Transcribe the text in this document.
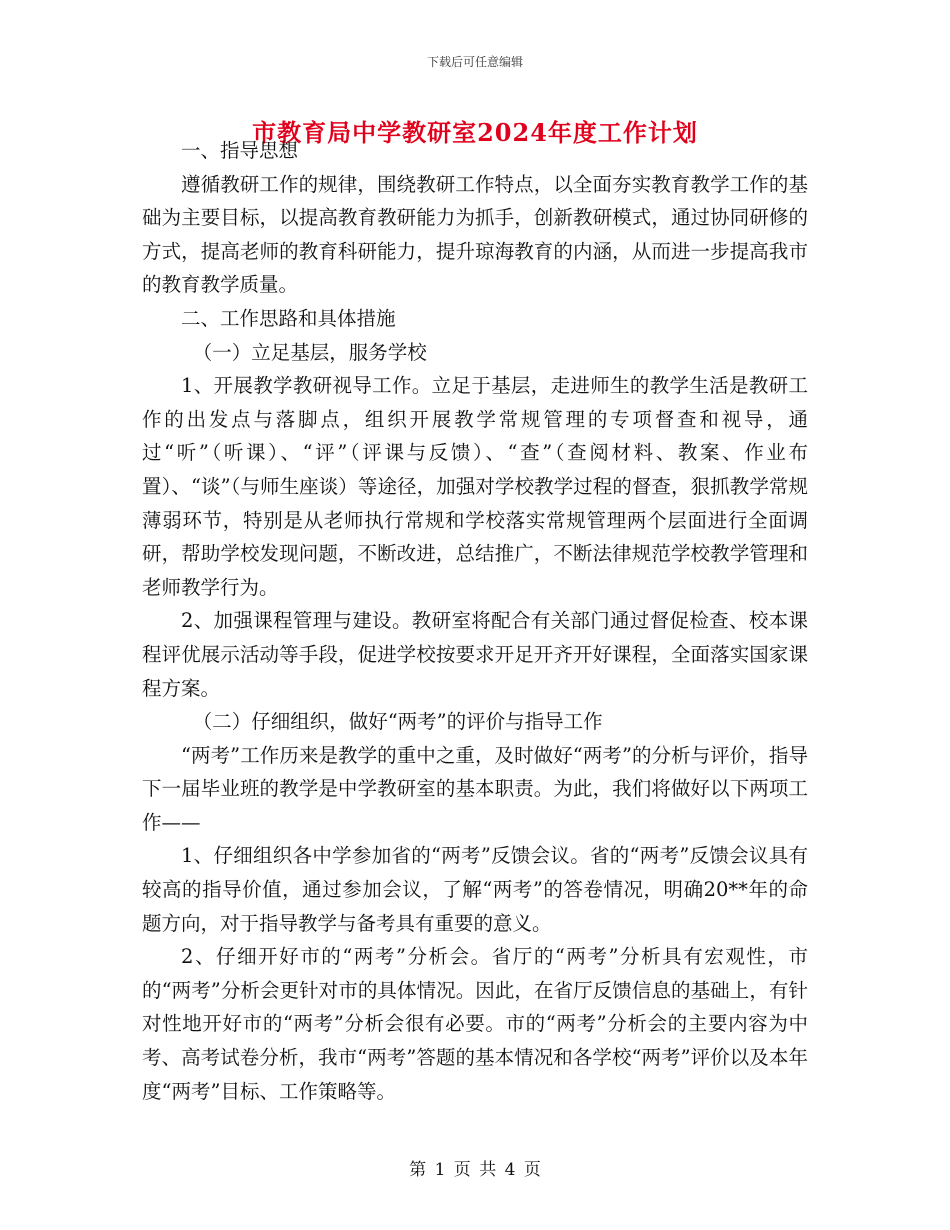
下载后可任意编辑
市教育局中学教研室2024年度工作计划

一、指导思想

遵循教研工作的规律，围绕教研工作特点，以全面夯实教育教学工作的基础为主要目标，以提高教育教研能力为抓手，创新教研模式，通过协同研修的方式，提高老师的教育科研能力，提升琼海教育的内涵，从而进一步提高我市的教育教学质量。

二、工作思路和具体措施

（一）立足基层，服务学校

1、开展教学教研视导工作。立足于基层，走进师生的教学生活是教研工作的出发点与落脚点，组织开展教学常规管理的专项督查和视导，通过“听”（听课）、“评”（评课与反馈）、“查”（查阅材料、教案、作业布置）、“谈”（与师生座谈）等途径，加强对学校教学过程的督查，狠抓教学常规薄弱环节，特别是从老师执行常规和学校落实常规管理两个层面进行全面调研，帮助学校发现问题，不断改进，总结推广，不断法律规范学校教学管理和老师教学行为。

2、加强课程管理与建设。教研室将配合有关部门通过督促检查、校本课程评优展示活动等手段，促进学校按要求开足开齐开好课程，全面落实国家课程方案。

（二）仔细组织，做好“两考”的评价与指导工作

“两考”工作历来是教学的重中之重，及时做好“两考”的分析与评价，指导下一届毕业班的教学是中学教研室的基本职责。为此，我们将做好以下两项工作——

1、仔细组织各中学参加省的“两考”反馈会议。省的“两考”反馈会议具有较高的指导价值，通过参加会议，了解“两考”的答卷情况，明确20**年的命题方向，对于指导教学与备考具有重要的意义。

2、仔细开好市的“两考”分析会。省厅的“两考”分析具有宏观性，市的“两考”分析会更针对市的具体情况。因此，在省厅反馈信息的基础上，有针对性地开好市的“两考”分析会很有必要。市的“两考”分析会的主要内容为中考、高考试卷分析，我市“两考”答题的基本情况和各学校“两考”评价以及本年度“两考”目标、工作策略等。

第 1 页 共 4 页
